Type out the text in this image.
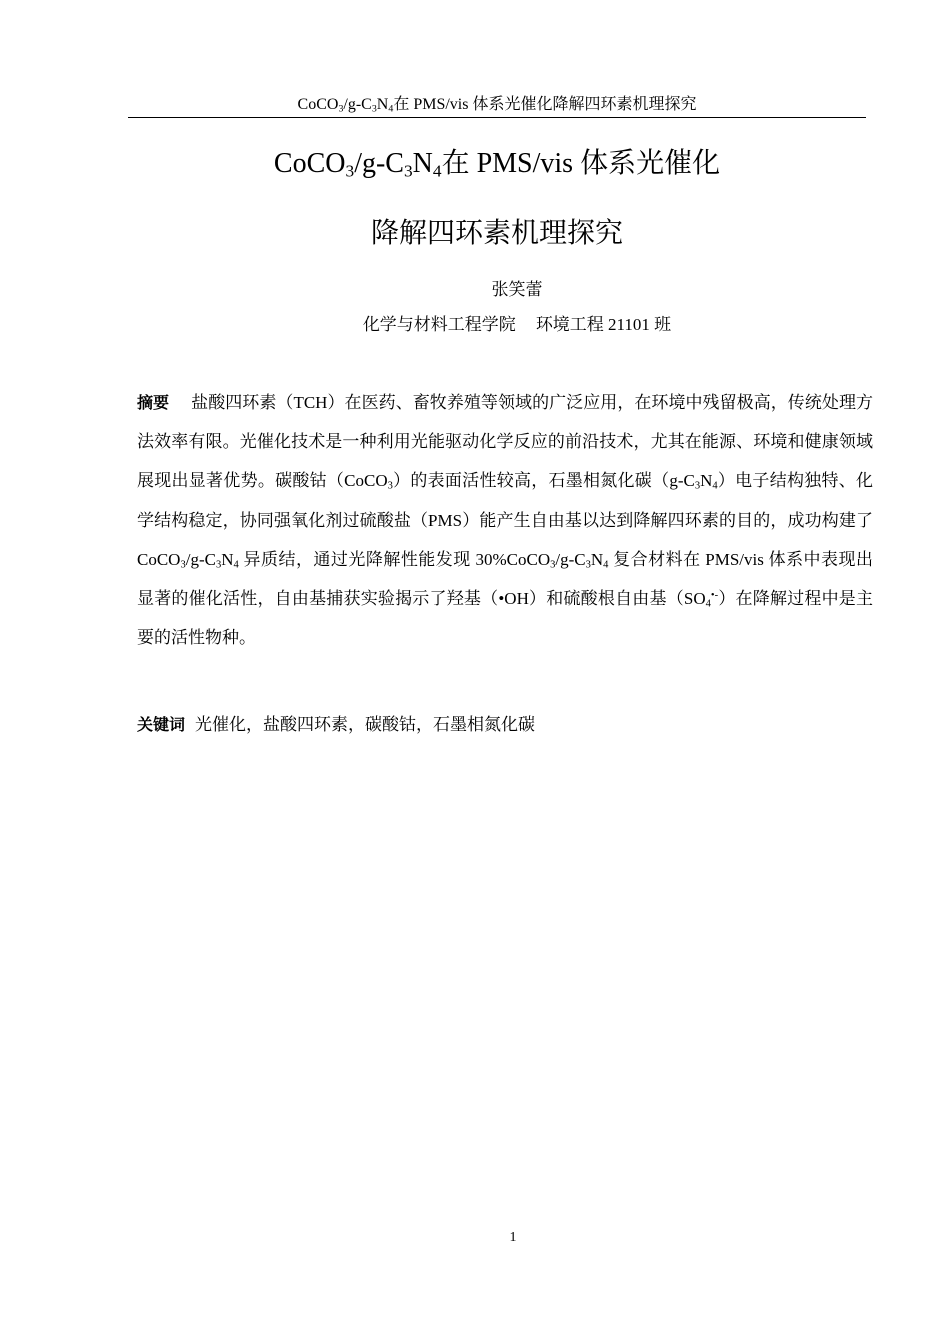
$CoCO_3/g-C_3N_4$在 PMS/vis 体系光催化降解四环素机理探究
$CoCO_3/g-C_3N_4$在 PMS/vis 体系光催化
降解四环素机理探究
张笑蕾
化学与材料工程学院 环境工程 21101 班
摘要 盐酸四环素（TCH）在医药、畜牧养殖等领域的广泛应用，在环境中残留极高，传统处理方法效率有限。光催化技术是一种利用光能驱动化学反应的前沿技术，尤其在能源、环境和健康领域展现出显著优势。碳酸钴（CoCO$_3$）的表面活性较高，石墨相氮化碳$(g-C_3N_4)$电子结构独特、化学结构稳定，协同强氧化剂过硫酸盐（PMS）能产生自由基以达到降解四环素的目的，成功构建了 $CoCO_3/g-C_3N_4$ 异质结，通过光降解性能发现 $30\%CoCO_3/g-C_3N_4$ 复合材料在 PMS/vis 体系中表现出显著的催化活性，自由基捕获实验揭示了羟基（•OH）和硫酸根自由基$(SO_4^{•-})$在降解过程中是主要的活性物种。
关键词 光催化，盐酸四环素，碳酸钴，石墨相氮化碳
1
